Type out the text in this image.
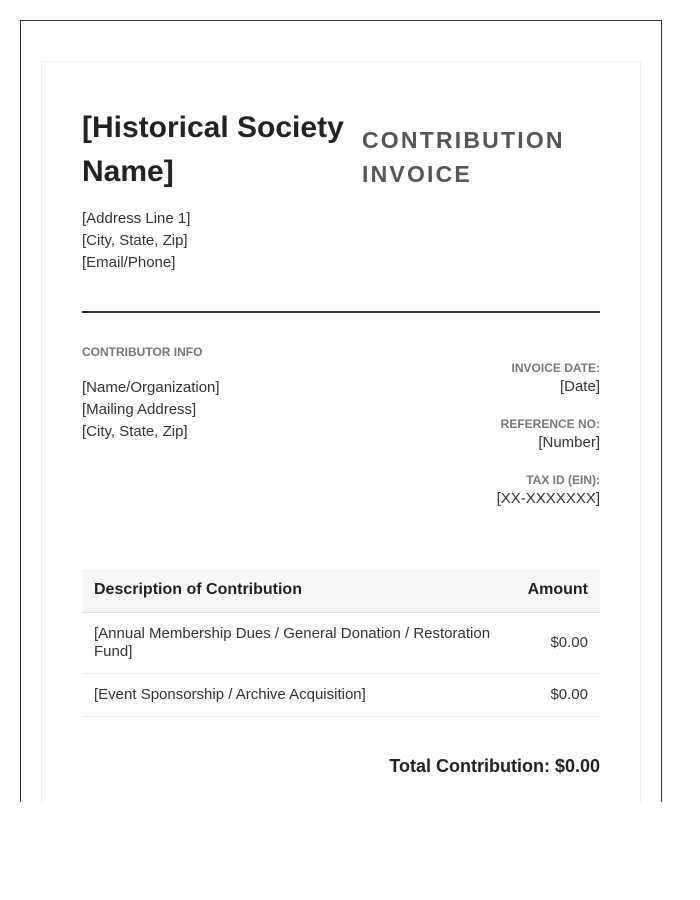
[Historical Society Name]
CONTRIBUTION INVOICE
[Address Line 1]
[City, State, Zip]
[Email/Phone]
CONTRIBUTOR INFO
[Name/Organization]
[Mailing Address]
[City, State, Zip]
INVOICE DATE:
[Date]
REFERENCE NO:
[Number]
TAX ID (EIN):
[XX-XXXXXXX]
Description of Contribution	Amount
[Annual Membership Dues / General Donation / Restoration Fund]	$0.00
[Event Sponsorship / Archive Acquisition]	$0.00
Total Contribution: $0.00
